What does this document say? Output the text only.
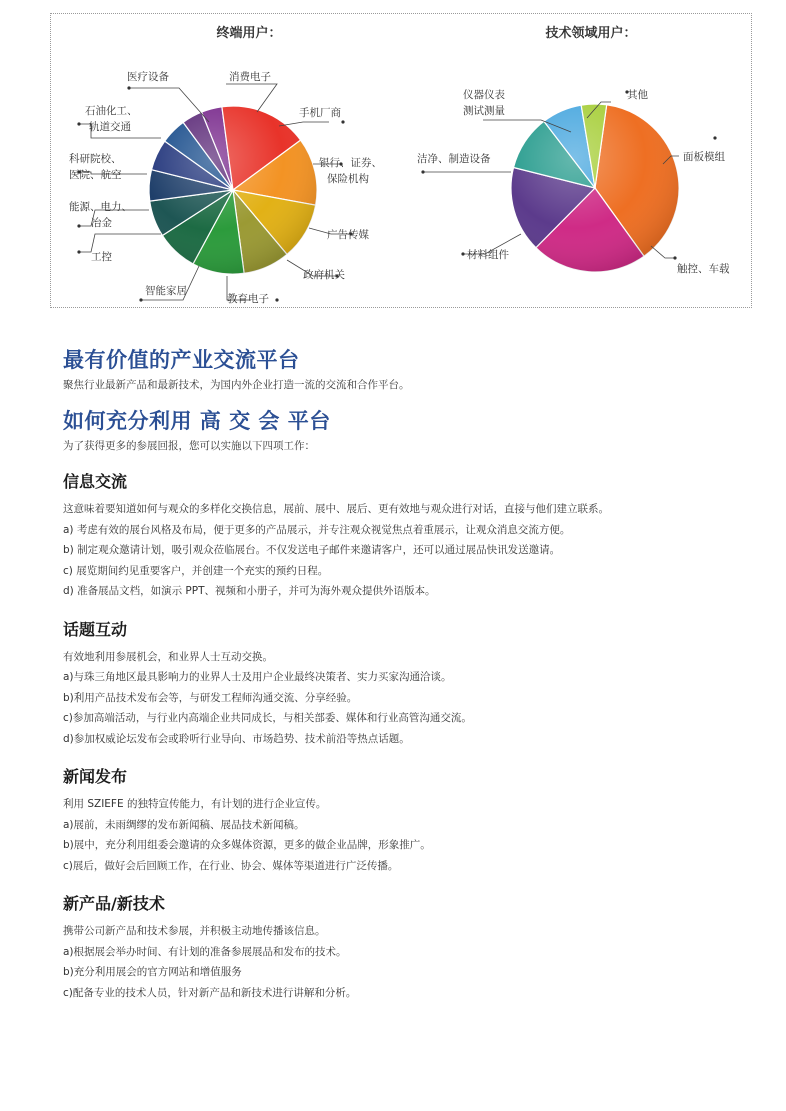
终端用户：	技术领域用户：
医疗设备	消费电子
手机厂商
银行、证券、
保险机构
广告传媒
政府机关
教育电子
智能家居
工控
能源、电力、
冶金
科研院校、
医院、航空
石油化工、
轨道交通
仪器仪表
测试测量
其他
面板模组
洁净、制造设备
材料组件
触控、车载
最有价值的产业交流平台
聚焦行业最新产品和最新技术，为国内外企业打造一流的交流和合作平台。
如何充分利用 高 交 会 平台
为了获得更多的参展回报，您可以实施以下四项工作：
信息交流
这意味着要知道如何与观众的多样化交换信息，展前、展中、展后、更有效地与观众进行对话，直接与他们建立联系。
a) 考虑有效的展台风格及布局，便于更多的产品展示，并专注观众视觉焦点着重展示，让观众消息交流方便。
b) 制定观众邀请计划，吸引观众莅临展台。不仅发送电子邮件来邀请客户，还可以通过展品快讯发送邀请。
c) 展览期间约见重要客户，并创建一个充实的预约日程。
d) 准备展品文档，如演示 PPT、视频和小册子，并可为海外观众提供外语版本。
话题互动
有效地利用参展机会，和业界人士互动交换。
a)与珠三角地区最具影响力的业界人士及用户企业最终决策者、实力买家沟通洽谈。
b)利用产品技术发布会等，与研发工程师沟通交流、分享经验。
c)参加高端活动，与行业内高端企业共同成长，与相关部委、媒体和行业高管沟通交流。
d)参加权威论坛发布会或聆听行业导向、市场趋势、技术前沿等热点话题。
新闻发布
利用 SZIEFE 的独特宣传能力，有计划的进行企业宣传。
a)展前，未雨绸缪的发布新闻稿、展品技术新闻稿。
b)展中，充分利用组委会邀请的众多媒体资源，更多的做企业品牌，形象推广。
c)展后，做好会后回顾工作，在行业、协会、媒体等渠道进行广泛传播。
新产品/新技术
携带公司新产品和技术参展，并积极主动地传播该信息。
a)根据展会举办时间、有计划的准备参展展品和发布的技术。
b)充分利用展会的官方网站和增值服务
c)配备专业的技术人员，针对新产品和新技术进行讲解和分析。
